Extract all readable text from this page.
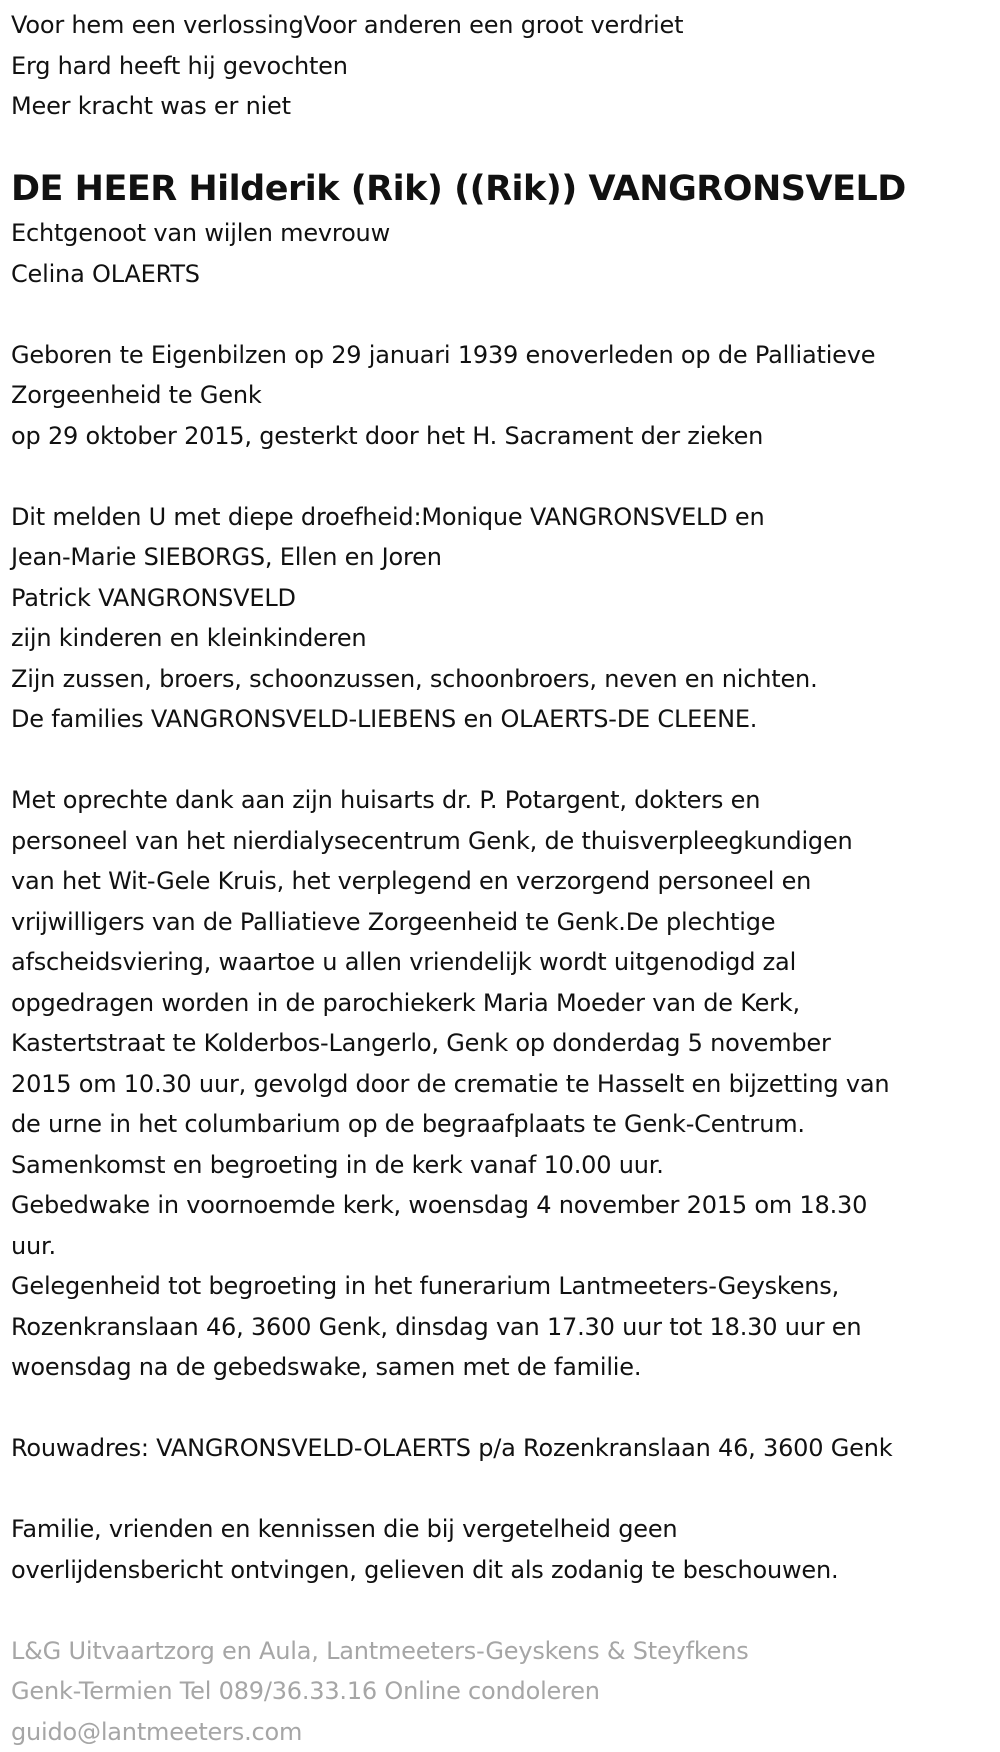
Voor hem een verlossingVoor anderen een groot verdriet
Erg hard heeft hij gevochten
Meer kracht was er niet
DE HEER Hilderik (Rik) ((Rik)) VANGRONSVELD
Echtgenoot van wijlen mevrouw
Celina OLAERTS
Geboren te Eigenbilzen op 29 januari 1939 enoverleden op de Palliatieve
Zorgeenheid te Genk
op 29 oktober 2015, gesterkt door het H. Sacrament der zieken
Dit melden U met diepe droefheid:Monique VANGRONSVELD en
Jean-Marie SIEBORGS, Ellen en Joren
Patrick VANGRONSVELD
zijn kinderen en kleinkinderen
Zijn zussen, broers, schoonzussen, schoonbroers, neven en nichten.
De families VANGRONSVELD-LIEBENS en OLAERTS-DE CLEENE.
Met oprechte dank aan zijn huisarts dr. P. Potargent, dokters en
personeel van het nierdialysecentrum Genk, de thuisverpleegkundigen
van het Wit-Gele Kruis, het verplegend en verzorgend personeel en
vrijwilligers van de Palliatieve Zorgeenheid te Genk.De plechtige
afscheidsviering, waartoe u allen vriendelijk wordt uitgenodigd zal
opgedragen worden in de parochiekerk Maria Moeder van de Kerk,
Kastertstraat te Kolderbos-Langerlo, Genk op donderdag 5 november
2015 om 10.30 uur, gevolgd door de crematie te Hasselt en bijzetting van
de urne in het columbarium op de begraafplaats te Genk-Centrum.
Samenkomst en begroeting in de kerk vanaf 10.00 uur.
Gebedwake in voornoemde kerk, woensdag 4 november 2015 om 18.30
uur.
Gelegenheid tot begroeting in het funerarium Lantmeeters-Geyskens,
Rozenkranslaan 46, 3600 Genk, dinsdag van 17.30 uur tot 18.30 uur en
woensdag na de gebedswake, samen met de familie.
Rouwadres: VANGRONSVELD-OLAERTS p/a Rozenkranslaan 46, 3600 Genk
Familie, vrienden en kennissen die bij vergetelheid geen
overlijdensbericht ontvingen, gelieven dit als zodanig te beschouwen.
L&G Uitvaartzorg en Aula, Lantmeeters-Geyskens & Steyfkens
Genk-Termien Tel 089/36.33.16 Online condoleren
guido@lantmeeters.com
